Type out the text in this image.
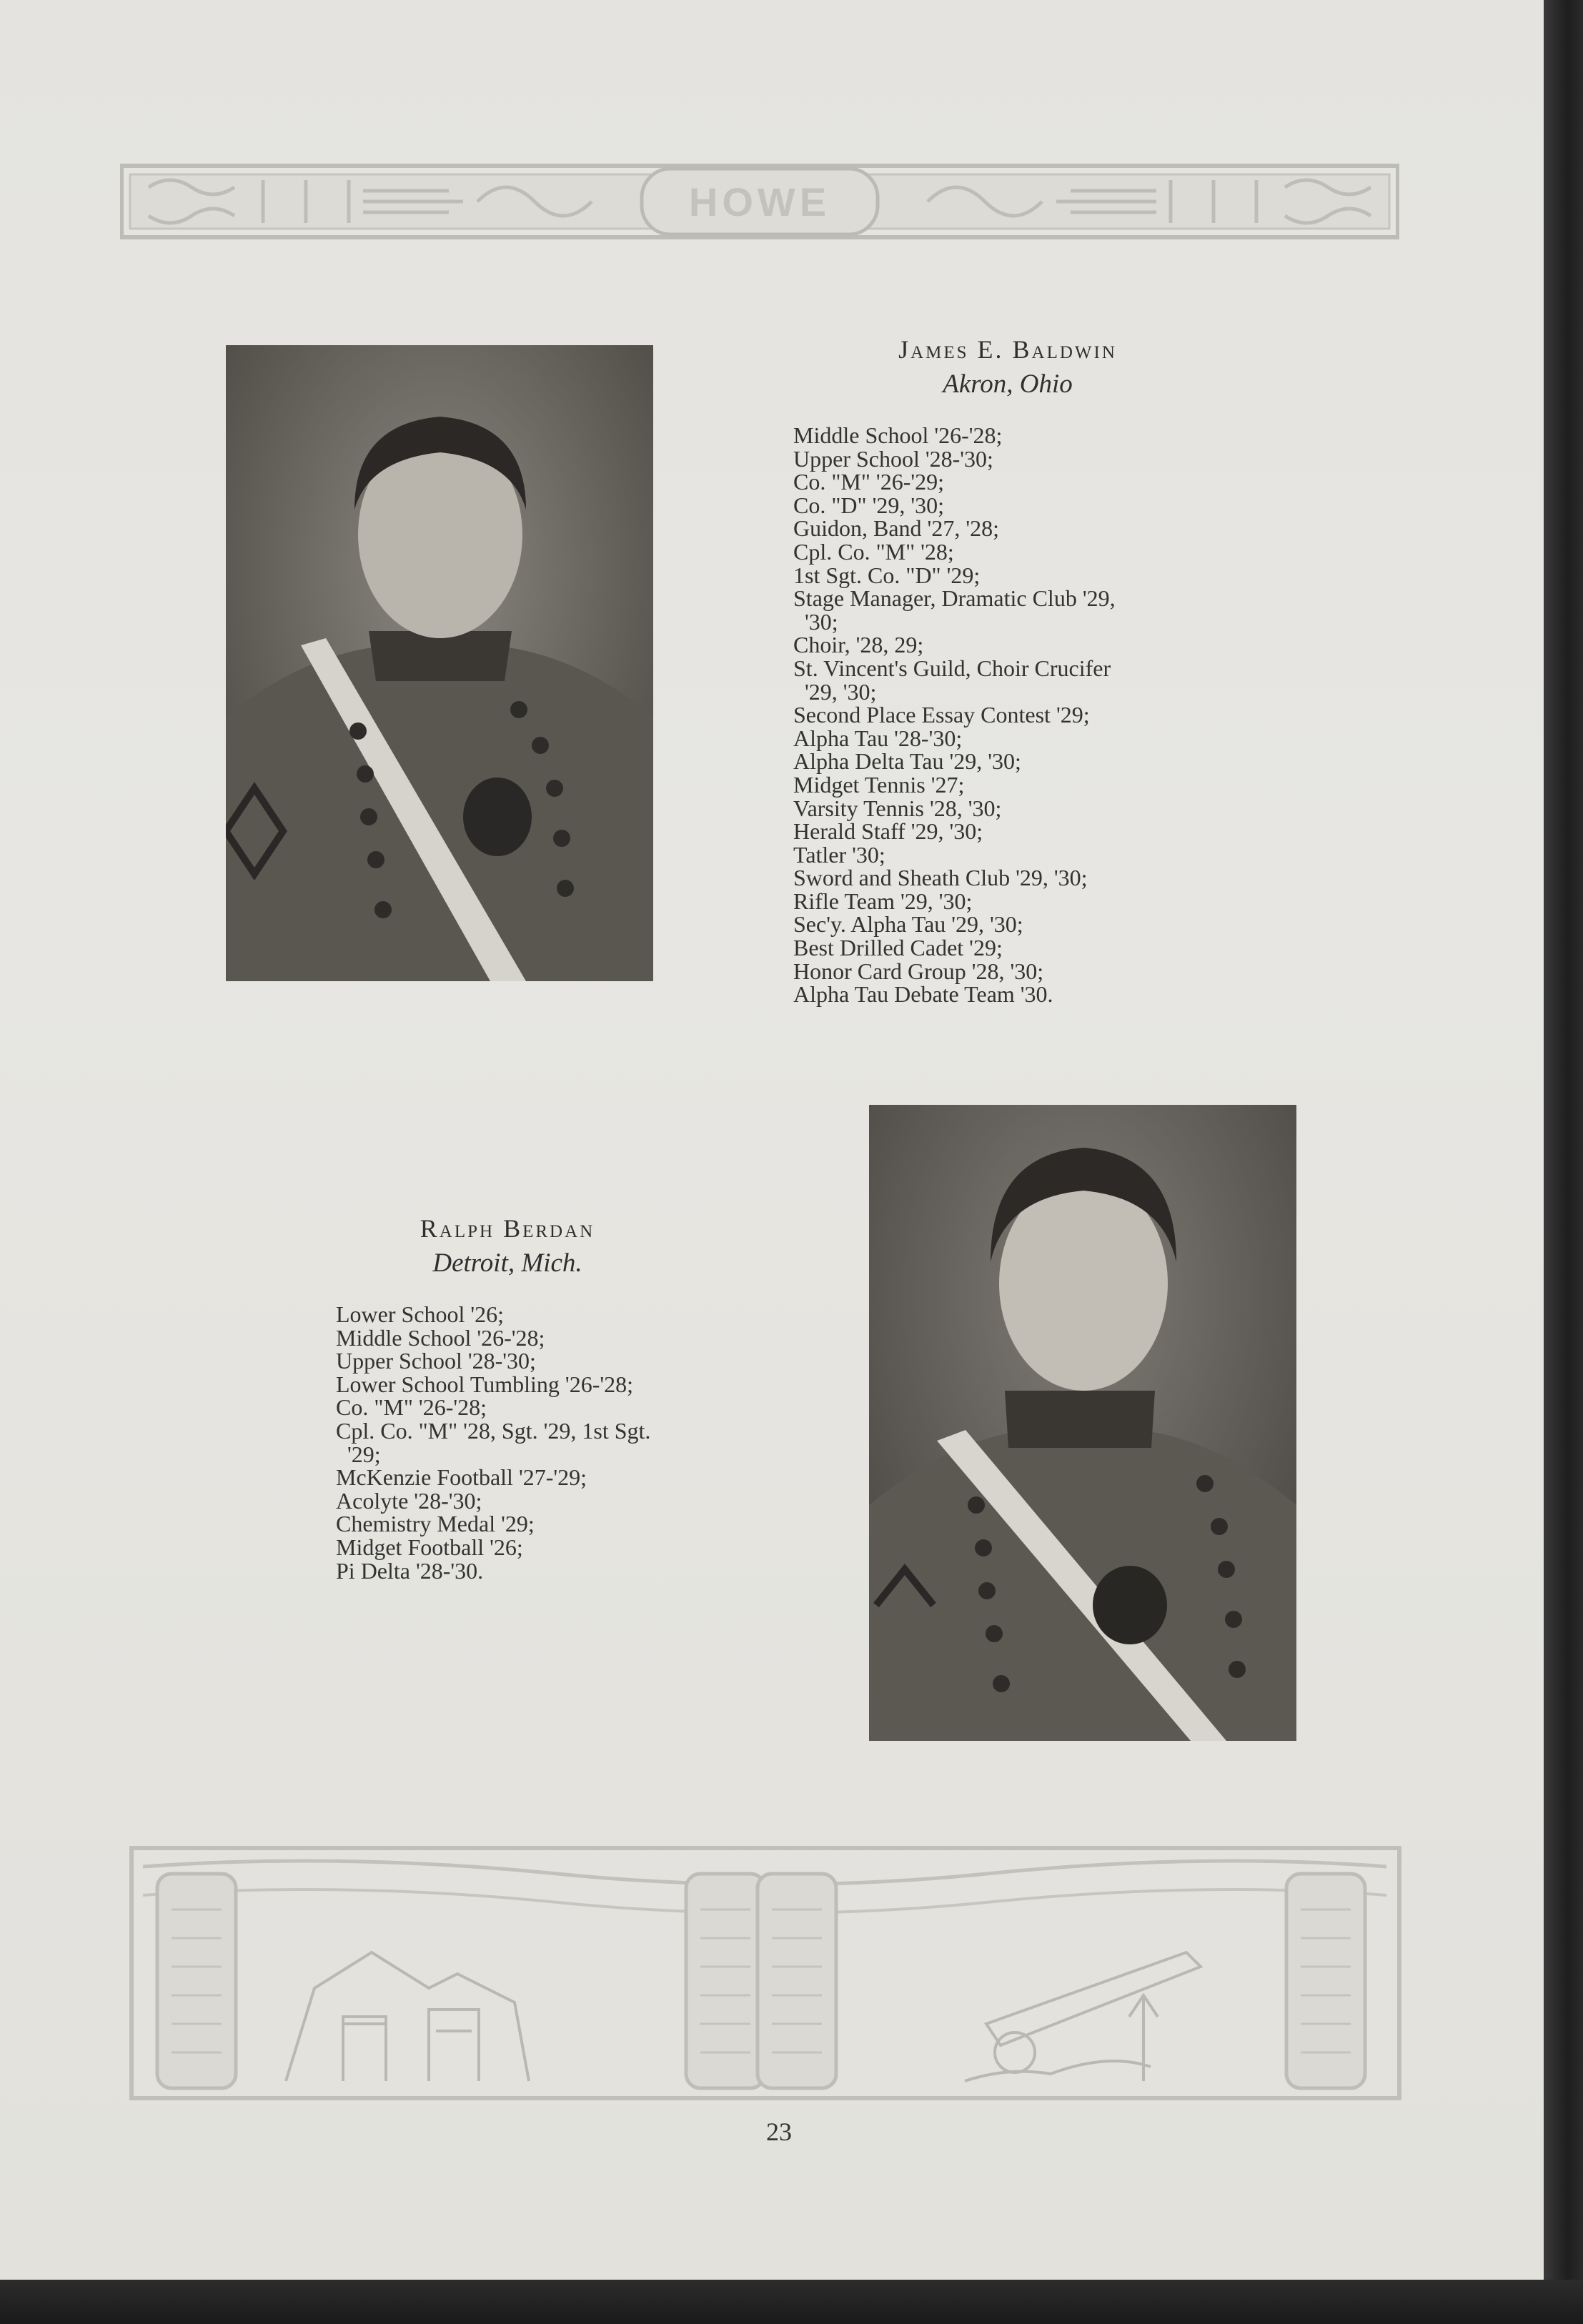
HOWE

James E. Baldwin

Akron, Ohio

Middle School '26-'28;
Upper School '28-'30;
Co. "M" '26-'29;
Co. "D" '29, '30;
Guidon, Band '27, '28;
Cpl. Co. "M" '28;
1st Sgt. Co. "D" '29;
Stage Manager, Dramatic Club '29,
'30;
Choir, '28, 29;
St. Vincent's Guild, Choir Crucifer
'29, '30;
Second Place Essay Contest '29;
Alpha Tau '28-'30;
Alpha Delta Tau '29, '30;
Midget Tennis '27;
Varsity Tennis '28, '30;
Herald Staff '29, '30;
Tatler '30;
Sword and Sheath Club '29, '30;
Rifle Team '29, '30;
Sec'y. Alpha Tau '29, '30;
Best Drilled Cadet '29;
Honor Card Group '28, '30;
Alpha Tau Debate Team '30.

Ralph Berdan

Detroit, Mich.

Lower School '26;
Middle School '26-'28;
Upper School '28-'30;
Lower School Tumbling '26-'28;
Co. "M" '26-'28;
Cpl. Co. "M" '28, Sgt. '29, 1st Sgt.
'29;
McKenzie Football '27-'29;
Acolyte '28-'30;
Chemistry Medal '29;
Midget Football '26;
Pi Delta '28-'30.
23
